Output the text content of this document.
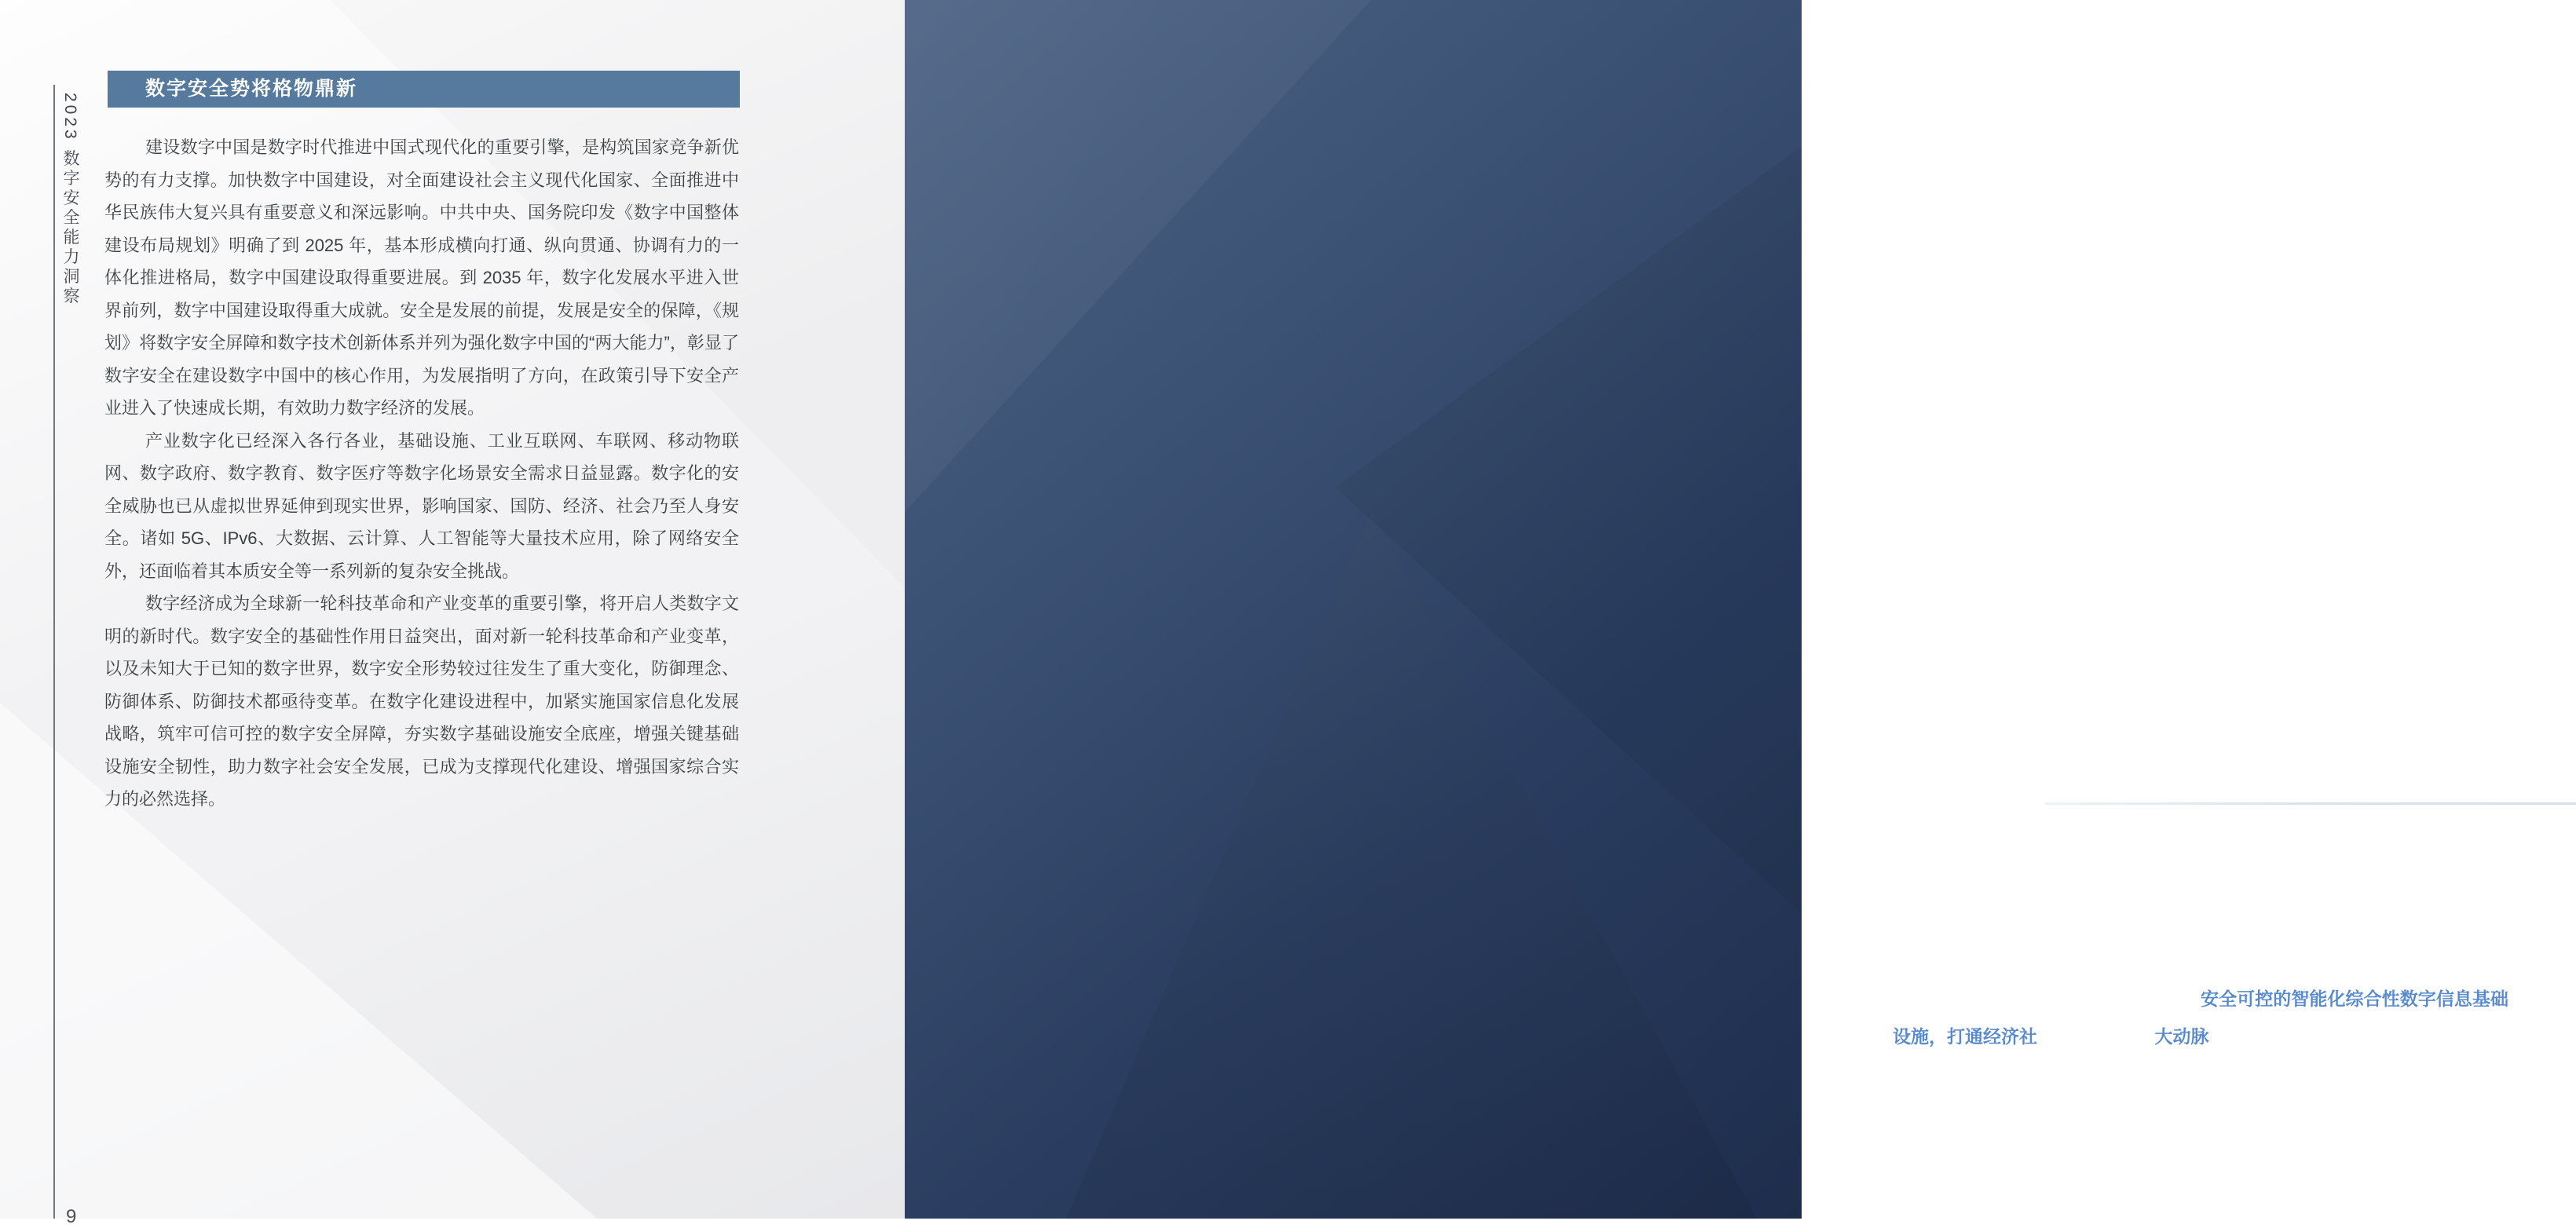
2023 数字安全能力洞察
9
数字安全势将格物鼎新

建设数字中国是数字时代推进中国式现代化的重要引擎，是构筑国家竞争新优势的有力支撑。加快数字中国建设，对全面建设社会主义现代化国家、全面推进中华民族伟大复兴具有重要意义和深远影响。中共中央、国务院印发《数字中国整体建设布局规划》明确了到 2025 年，基本形成横向打通、纵向贯通、协调有力的一体化推进格局，数字中国建设取得重要进展。到 2035 年，数字化发展水平进入世界前列，数字中国建设取得重大成就。安全是发展的前提，发展是安全的保障，《规划》将数字安全屏障和数字技术创新体系并列为强化数字中国的“两大能力”，彰显了数字安全在建设数字中国中的核心作用，为发展指明了方向，在政策引导下安全产业进入了快速成长期，有效助力数字经济的发展。

产业数字化已经深入各行各业，基础设施、工业互联网、车联网、移动物联网、数字政府、数字教育、数字医疗等数字化场景安全需求日益显露。数字化的安全威胁也已从虚拟世界延伸到现实世界，影响国家、国防、经济、社会乃至人身安全。诸如 5G、IPv6、大数据、云计算、人工智能等大量技术应用，除了网络安全外，还面临着其本质安全等一系列新的复杂安全挑战。

数字经济成为全球新一轮科技革命和产业变革的重要引擎，将开启人类数字文明的新时代。数字安全的基础性作用日益突出，面对新一轮科技革命和产业变革，以及未知大于已知的数字世界，数字安全形势较过往发生了重大变化，防御理念、防御体系、防御技术都亟待变革。在数字化建设进程中，加紧实施国家信息化发展战略，筑牢可信可控的数字安全屏障，夯实数字基础设施安全底座，增强关键基础设施安全韧性，助力数字社会安全发展，已成为支撑现代化建设、增强国家综合实力的必然选择。	02 第二章
积厚成势：数字中国安全基础屏障逐步夯实

《规划》指出夯实数字中国建设基础，打通数字基础设施大动脉，即加强数字基础设施建设，包括提升网络通信、云计算、物联网、人工智能等技术的应用水平，建设数字基础设施网络。习近平总书记高度重视信息基础设施的发展，指出要加快新型基础设施建设，加强战略布局，加快建设高速泛在、天地一体、云网融合、智能敏捷、绿色低碳、安全可控的智能化综合性数字信息基础设施，打通经济社会发展的信息“大动脉”。
